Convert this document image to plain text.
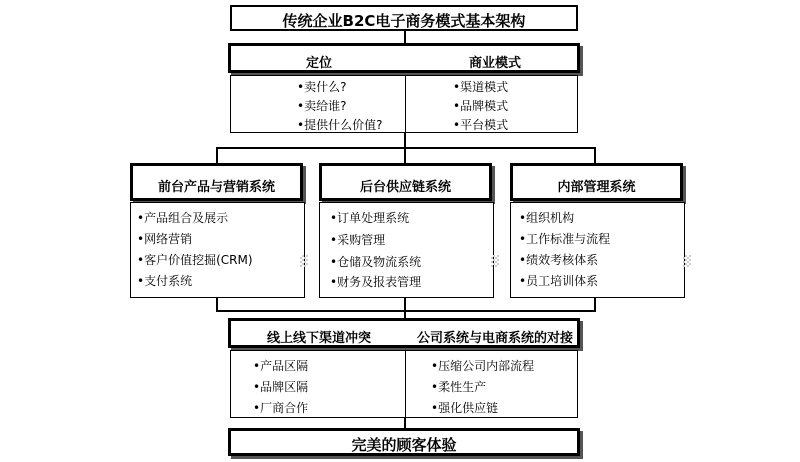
传统企业B2C电子商务模式基本架构
定位	商业模式
•卖什么?
•卖给谁?
•提供什么价值?
•渠道模式
•品牌模式
•平台模式
前台产品与营销系统
•产品组合及展示
•网络营销
•客户价值挖掘(CRM)
•支付系统
后台供应链系统
•订单处理系统
•采购管理
•仓储及物流系统
•财务及报表管理
内部管理系统
•组织机构
•工作标准与流程
•绩效考核体系
•员工培训体系
线上线下渠道冲突	公司系统与电商系统的对接
•产品区隔
•品牌区隔
•厂商合作
•压缩公司内部流程
•柔性生产
•强化供应链
完美的顾客体验
